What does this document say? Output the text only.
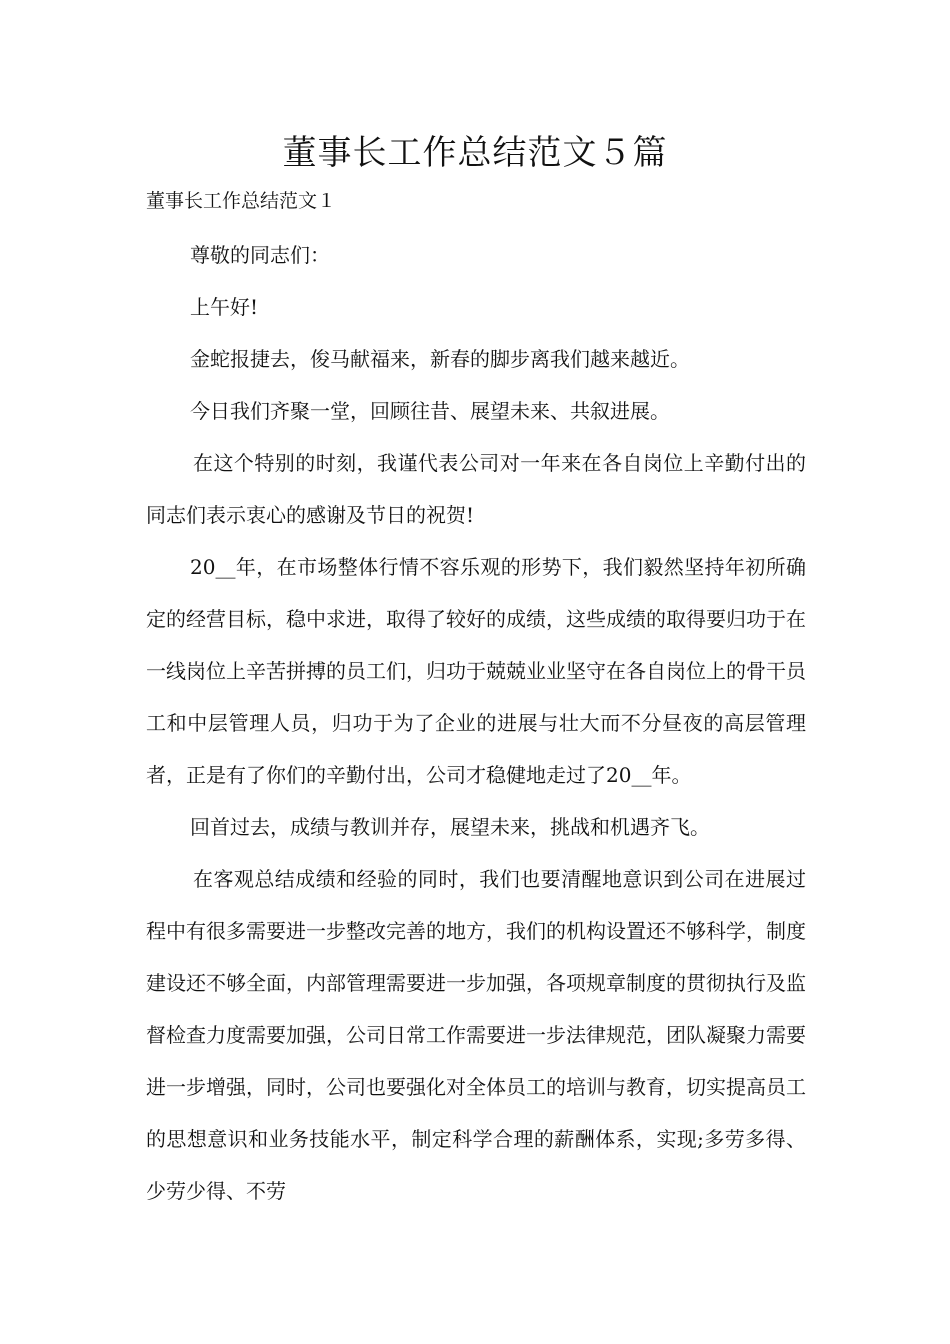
董事长工作总结范文５篇

董事长工作总结范文１

尊敬的同志们：

上午好!

金蛇报捷去，俊马献福来，新春的脚步离我们越来越近。

今日我们齐聚一堂，回顾往昔、展望未来、共叙进展。

在这个特别的时刻，我谨代表公司对一年来在各自岗位上辛勤付出的同志们表示衷心的感谢及节日的祝贺!

20__年，在市场整体行情不容乐观的形势下，我们毅然坚持年初所确定的经营目标，稳中求进，取得了较好的成绩，这些成绩的取得要归功于在一线岗位上辛苦拼搏的员工们，归功于兢兢业业坚守在各自岗位上的骨干员工和中层管理人员，归功于为了企业的进展与壮大而不分昼夜的高层管理者，正是有了你们的辛勤付出，公司才稳健地走过了20__年。

回首过去，成绩与教训并存，展望未来，挑战和机遇齐飞。

在客观总结成绩和经验的同时，我们也要清醒地意识到公司在进展过程中有很多需要进一步整改完善的地方，我们的机构设置还不够科学，制度建设还不够全面，内部管理需要进一步加强，各项规章制度的贯彻执行及监督检查力度需要加强，公司日常工作需要进一步法律规范，团队凝聚力需要进一步增强，同时，公司也要强化对全体员工的培训与教育，切实提高员工的思想意识和业务技能水平，制定科学合理的薪酬体系，实现;多劳多得、少劳少得、不劳
